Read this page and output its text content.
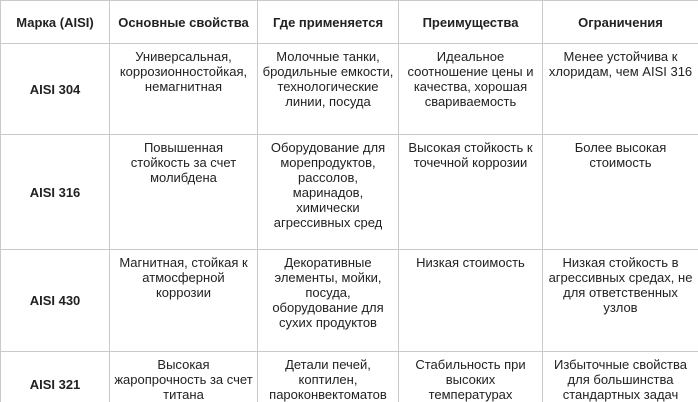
Марка (AISI)	Основные свойства	Где применяется	Преимущества	Ограничения
AISI 304	Универсальная, коррозионностойкая, немагнитная	Молочные танки, бродильные емкости, технологические линии, посуда	Идеальное соотношение цены и качества, хорошая свариваемость	Менее устойчива к хлоридам, чем AISI 316
AISI 316	Повышенная стойкость за счет молибдена	Оборудование для морепродуктов, рассолов, маринадов, химически агрессивных сред	Высокая стойкость к точечной коррозии	Более высокая стоимость
AISI 430	Магнитная, стойкая к атмосферной коррозии	Декоративные элементы, мойки, посуда, оборудование для сухих продуктов	Низкая стоимость	Низкая стойкость в агрессивных средах, не для ответственных узлов
AISI 321	Высокая жаропрочность за счет титана	Детали печей, коптилен, пароконвектоматов	Стабильность при высоких температурах	Избыточные свойства для большинства стандартных задач
